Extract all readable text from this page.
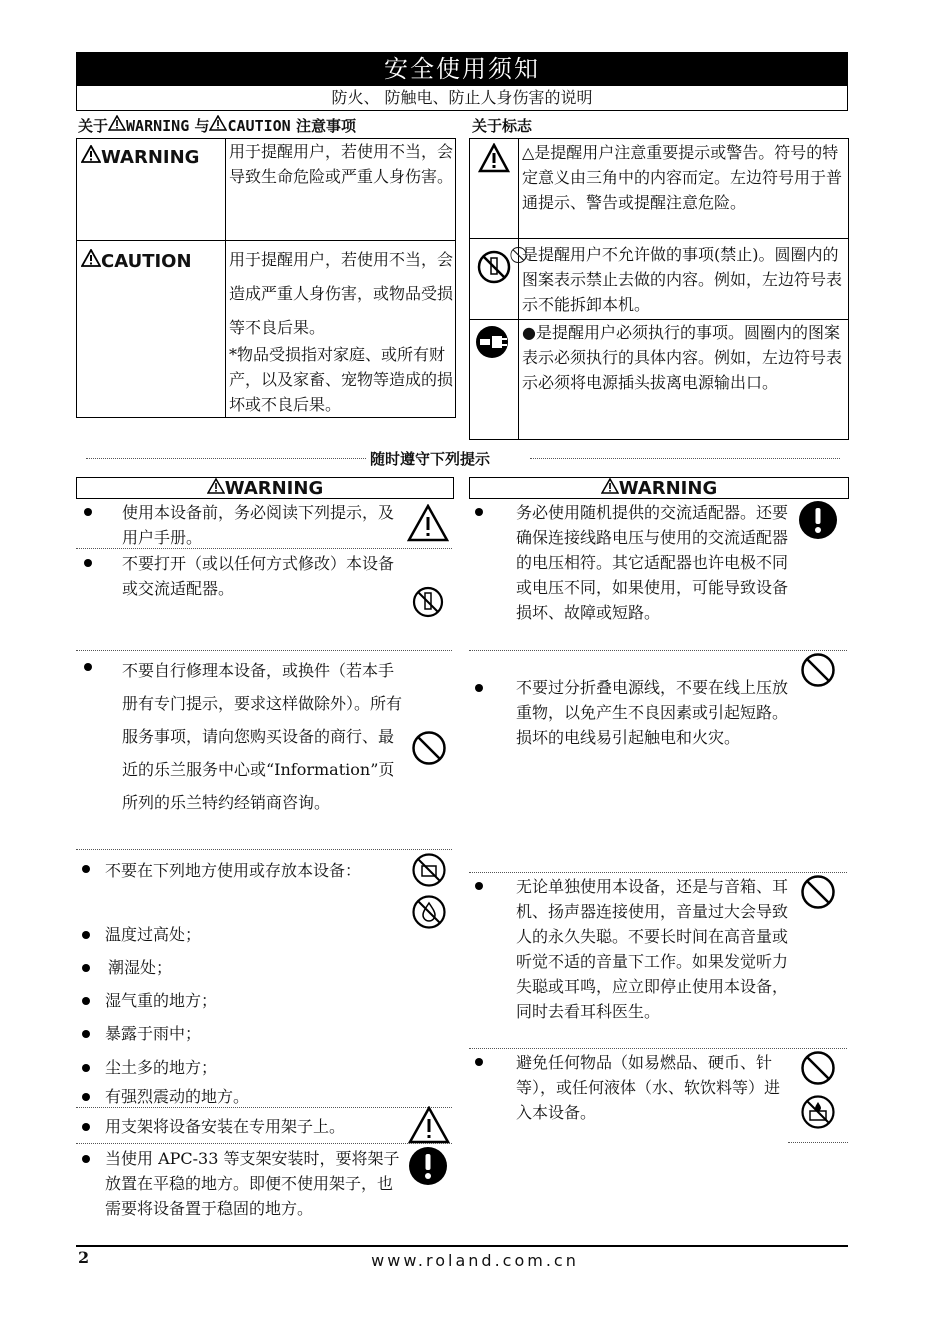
安全使用须知
防火、 防触电、防止人身伤害的说明
关于 WARNING 与 CAUTION 注意事项	关于标志
WARNING 用于提醒用户，若使用不当，会导致生命危险或严重人身伤害。
CAUTION 用于提醒用户，若使用不当，会造成严重人身伤害，或物品受损等不良后果。
*物品受损指对家庭、或所有财产，以及家畜、宠物等造成的损坏或不良后果。
△是提醒用户注意重要提示或警告。符号的特定意义由三角中的内容而定。左边符号用于普通提示、警告或提醒注意危险。
⃠是提醒用户不允许做的事项(禁止)。圆圈内的图案表示禁止去做的内容。例如，左边符号表示不能拆卸本机。
●是提醒用户必须执行的事项。圆圈内的图案表示必须执行的具体内容。例如，左边符号表示必须将电源插头拔离电源输出口。
随时遵守下列提示
WARNING	WARNING
使用本设备前，务必阅读下列提示，及用户手册。
不要打开（或以任何方式修改）本设备或交流适配器。
不要自行修理本设备，或换件（若本手册有专门提示，要求这样做除外）。所有服务事项，请向您购买设备的商行、最近的乐兰服务中心或“Information”页所列的乐兰特约经销商咨询。
不要在下列地方使用或存放本设备：
温度过高处；
潮湿处；
湿气重的地方；
暴露于雨中；
尘土多的地方；
有强烈震动的地方。
用支架将设备安装在专用架子上。
当使用 APC-33 等支架安装时，要将架子放置在平稳的地方。即便不使用架子，也需要将设备置于稳固的地方。
务必使用随机提供的交流适配器。还要确保连接线路电压与使用的交流适配器的电压相符。其它适配器也许电极不同或电压不同，如果使用，可能导致设备损坏、故障或短路。
不要过分折叠电源线，不要在线上压放重物，以免产生不良因素或引起短路。损坏的电线易引起触电和火灾。
无论单独使用本设备，还是与音箱、耳机、扬声器连接使用，音量过大会导致人的永久失聪。不要长时间在高音量或听觉不适的音量下工作。如果发觉听力失聪或耳鸣，应立即停止使用本设备，同时去看耳科医生。
避免任何物品（如易燃品、硬币、针等），或任何液体（水、软饮料等）进入本设备。
2	www.roland.com.cn
